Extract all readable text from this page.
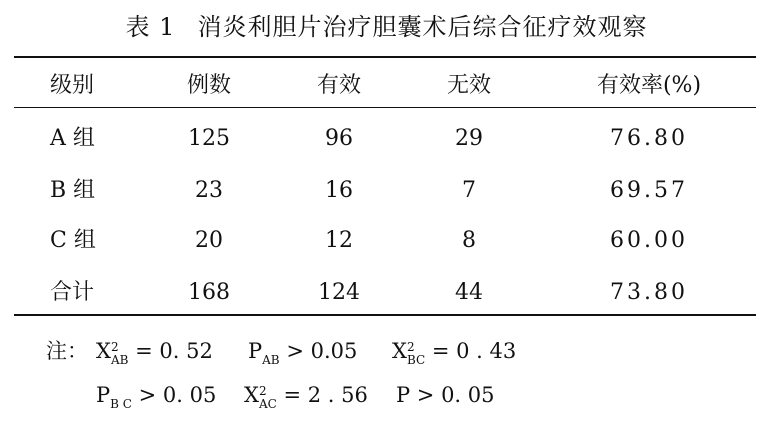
表 1 消炎利胆片治疗胆囊术后综合征疗效观察
级别	例数	有效	无效	有效率(%)
A 组	125	96	29	76.80
B 组	23	16	7	69.57
C 组	20	12	8	60.00
合计	168	124	44	73.80
注： X 2
$_{AB}$ = 0. 52 $P_{AB} > 0.05$ X 2
$_{BC}$ = 0 . 43
$P_{B C} > 0$. 05 X 2
$_{AC}$ = 2 . 56 P > 0. 05
